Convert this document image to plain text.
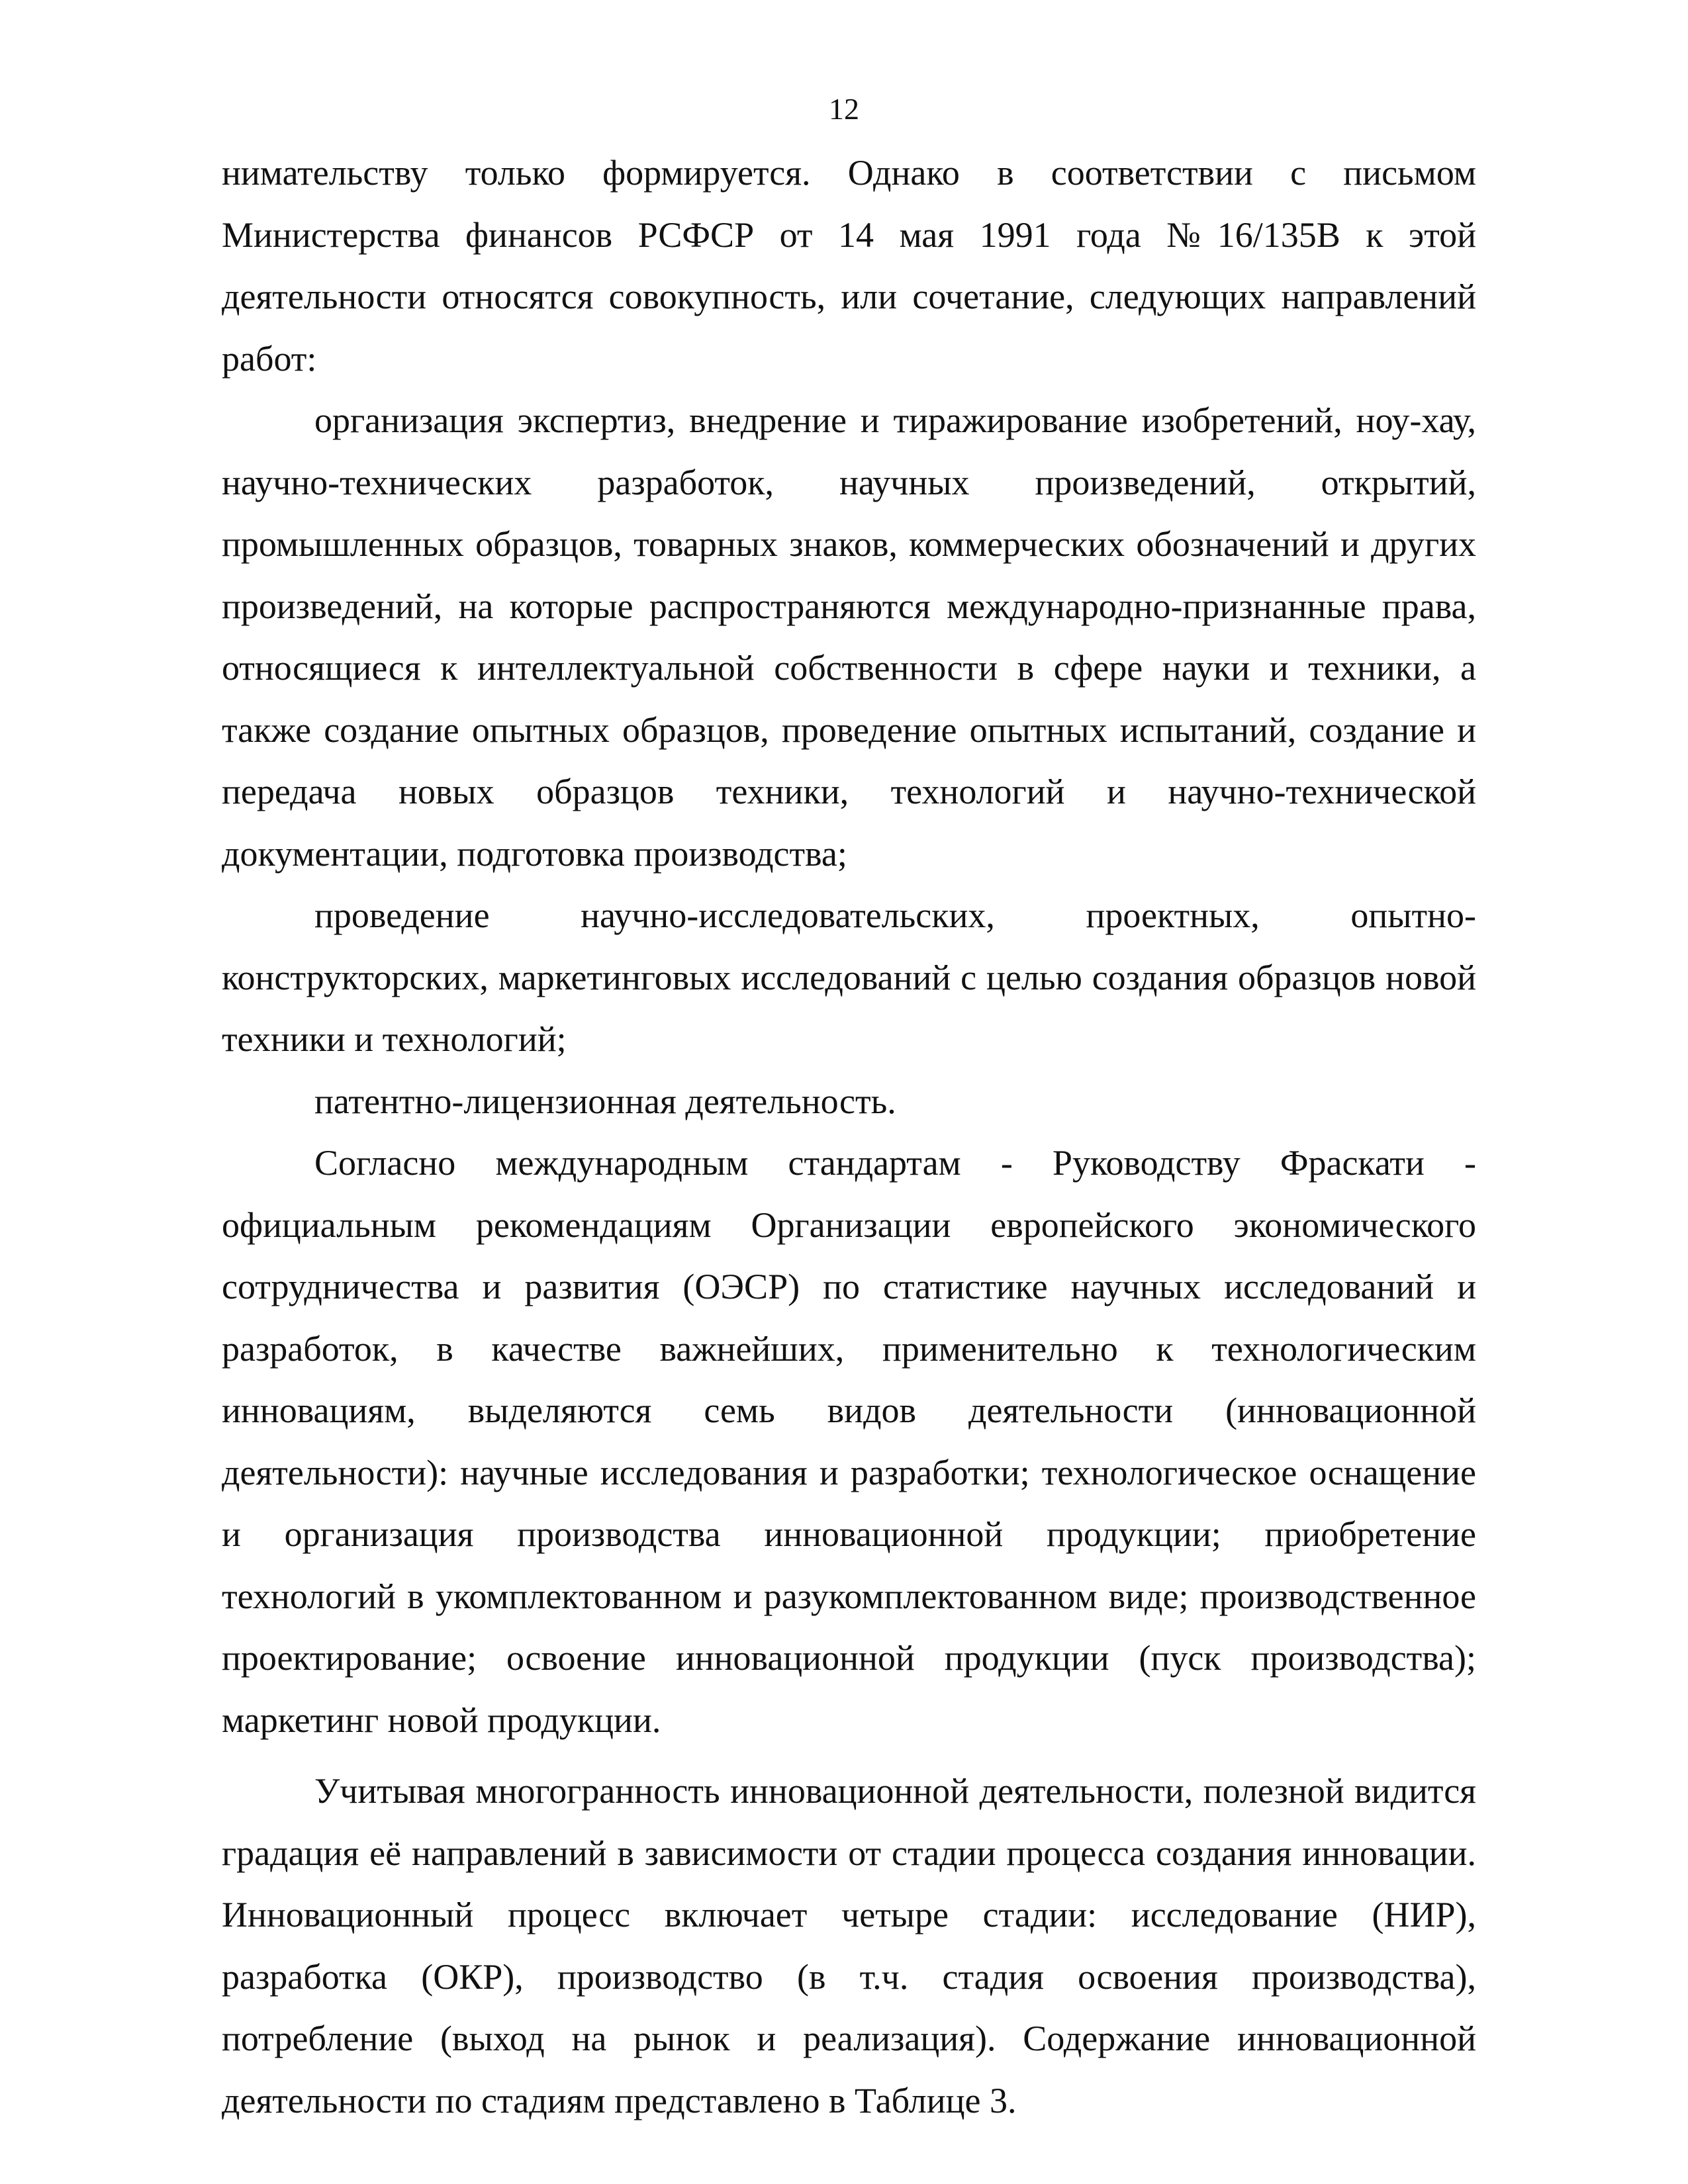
12

нимательству только формируется. Однако в соответствии с письмом Министерства финансов РСФСР от 14 мая 1991 года №16/135В к этой деятельности относятся совокупность, или сочетание, следующих направлений работ:

организация экспертиз, внедрение и тиражирование изобретений, ноу-хау, научно-технических разработок, научных произведений, открытий, промышленных образцов, товарных знаков, коммерческих обозначений и других произведений, на которые распространяются международно-признанные права, относящиеся к интеллектуальной собственности в сфере науки и техники, а также создание опытных образцов, проведение опытных испытаний, создание и передача новых образцов техники, технологий и научно-технической документации, подготовка производства;

проведение научно-исследовательских, проектных, опытно-конструкторских, маркетинговых исследований с целью создания образцов новой техники и технологий;

патентно-лицензионная деятельность.

Согласно международным стандартам - Руководству Фраскати - официальным рекомендациям Организации европейского экономического сотрудничества и развития (ОЭСР) по статистике научных исследований и разработок, в качестве важнейших, применительно к технологическим инновациям, выделяются семь видов деятельности (инновационной деятельности): научные исследования и разработки; технологическое оснащение и организация производства инновационной продукции; приобретение технологий в укомплектованном и разукомплектованном виде; производственное проектирование; освоение инновационной продукции (пуск производства); маркетинг новой продукции.

Учитывая многогранность инновационной деятельности, полезной видится градация её направлений в зависимости от стадии процесса создания инновации. Инновационный процесс включает четыре стадии: исследование (НИР), разработка (ОКР), производство (в т.ч. стадия освоения производства), потребление (выход на рынок и реализация). Содержание инновационной деятельности по стадиям представлено в Таблице 3.
